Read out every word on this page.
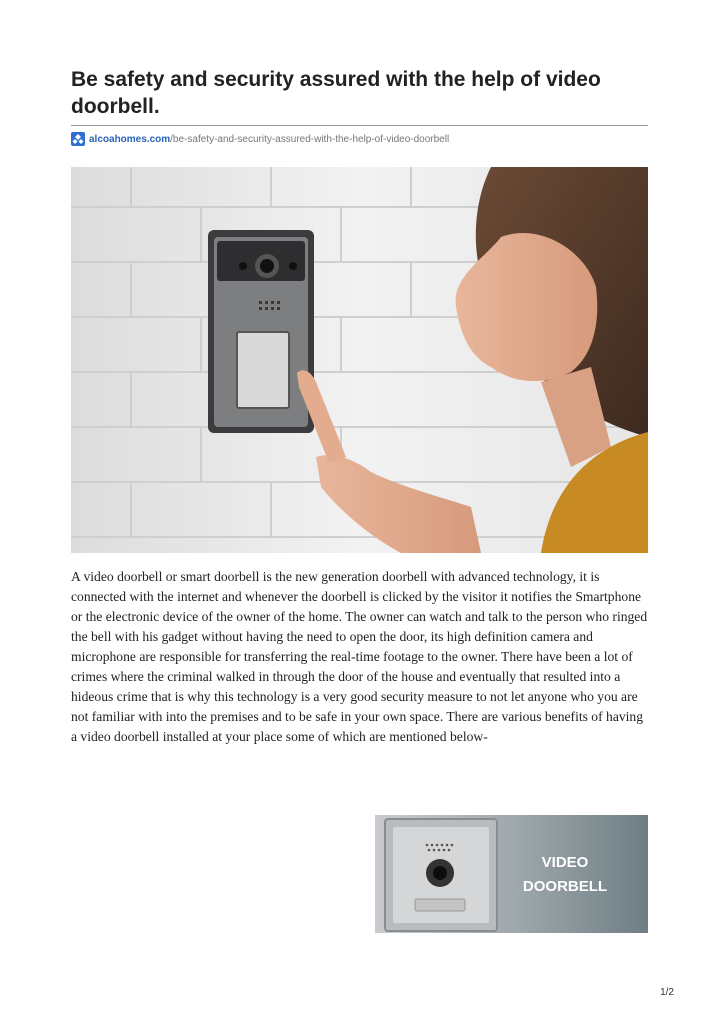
Be safety and security assured with the help of video doorbell.
alcoahomes.com/be-safety-and-security-assured-with-the-help-of-video-doorbell

A video doorbell or smart doorbell is the new generation doorbell with advanced technology, it is connected with the internet and whenever the doorbell is clicked by the visitor it notifies the Smartphone or the electronic device of the owner of the home. The owner can watch and talk to the person who ringed the bell with his gadget without having the need to open the door, its high definition camera and microphone are responsible for transferring the real-time footage to the owner. There have been a lot of crimes where the criminal walked in through the door of the house and eventually that resulted into a hideous crime that is why this technology is a very good security measure to not let anyone who you are not familiar with into the premises and to be safe in your own space. There are various benefits of having a video doorbell installed at your place some of which are mentioned below-

VIDEO
DOORBELL
1/2
